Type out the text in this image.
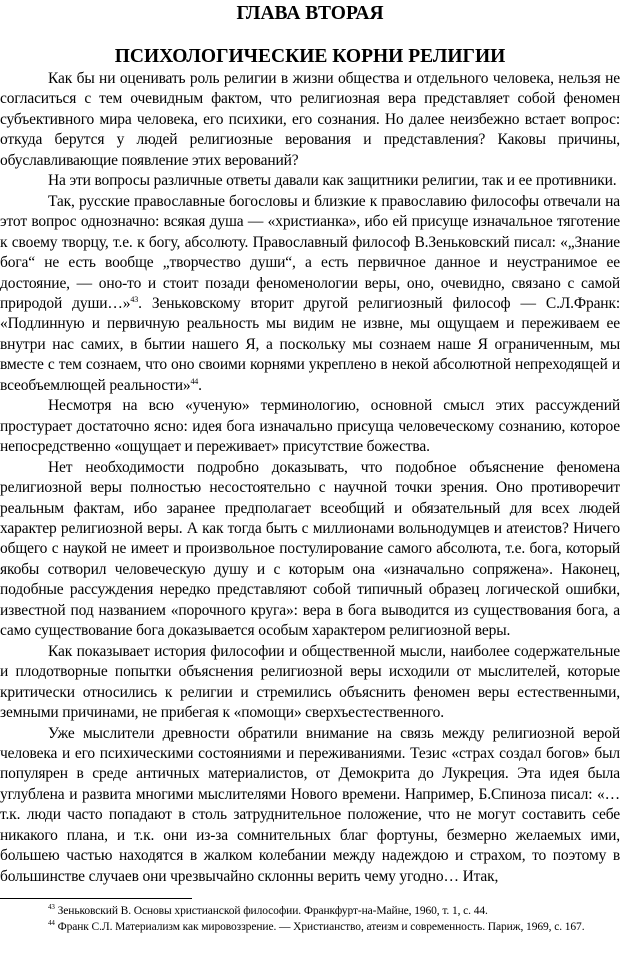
ГЛАВА ВТОРАЯ
ПСИХОЛОГИЧЕСКИЕ КОРНИ РЕЛИГИИ

Как бы ни оценивать роль религии в жизни общества и отдельного человека, нельзя не согласиться с тем очевидным фактом, что религиозная вера представляет собой феномен субъективного мира человека, его психики, его сознания. Но далее неизбежно встает вопрос: откуда берутся у людей религиозные верования и представления? Каковы причины, обуславливающие появление этих верований?

На эти вопросы различные ответы давали как защитники религии, так и ее противники.

Так, русские православные богословы и близкие к православию философы отвечали на этот вопрос однозначно: всякая душа — «христианка», ибо ей присуще изначальное тяготение к своему творцу, т.е. к богу, абсолюту. Православный философ В.Зеньковский писал: «„Знание бога“ не есть вообще „творчество души“, а есть первичное данное и неустранимое ее достояние, — оно-то и стоит позади феноменологии веры, оно, очевидно, связано с самой природой души…»$^{43}$. Зеньковскому вторит другой религиозный философ — С.Л.Франк: «Подлинную и первичную реальность мы видим не извне, мы ощущаем и переживаем ее внутри нас самих, в бытии нашего Я, а поскольку мы сознаем наше Я ограниченным, мы вместе с тем сознаем, что оно своими корнями укреплено в некой абсолютной непреходящей и всеобъемлющей реальности»$^{44}$.

Несмотря на всю «ученую» терминологию, основной смысл этих рассуждений простурает достаточно ясно: идея бога изначально присуща человеческому сознанию, которое непосредственно «ощущает и переживает» присутствие божества.

Нет необходимости подробно доказывать, что подобное объяснение феномена религиозной веры полностью несостоятельно с научной точки зрения. Оно противоречит реальным фактам, ибо заранее предполагает всеобщий и обязательный для всех людей характер религиозной веры. А как тогда быть с миллионами вольнодумцев и атеистов? Ничего общего с наукой не имеет и произвольное постулирование самого абсолюта, т.е. бога, который якобы сотворил человеческую душу и с которым она «изначально сопряжена». Наконец, подобные рассуждения нередко представляют собой типичный образец логической ошибки, известной под названием «порочного круга»: вера в бога выводится из существования бога, а само существование бога доказывается особым характером религиозной веры.

Как показывает история философии и общественной мысли, наиболее содержательные и плодотворные попытки объяснения религиозной веры исходили от мыслителей, которые критически относились к религии и стремились объяснить феномен веры естественными, земными причинами, не прибегая к «помощи» сверхъестественного.

Уже мыслители древности обратили внимание на связь между религиозной верой человека и его психическими состояниями и переживаниями. Тезис «страх создал богов» был популярен в среде античных материалистов, от Демокрита до Лукреция. Эта идея была углублена и развита многими мыслителями Нового времени. Например, Б.Спиноза писал: «…т.к. люди часто попадают в столь затруднительное положение, что не могут составить себе никакого плана, и т.к. они из-за сомнительных благ фортуны, безмерно желаемых ими, большею частью находятся в жалком колебании между надеждою и страхом, то поэтому в большинстве случаев они чрезвычайно склонны верить чему угодно… Итак,

$^{43}$ Зеньковский В. Основы христианской философии. Франкфурт-на-Майне, 1960, т. 1, с. 44.

$^{44}$ Франк С.Л. Материализм как мировоззрение. — Христианство, атеизм и современность. Париж, 1969, с. 167.
